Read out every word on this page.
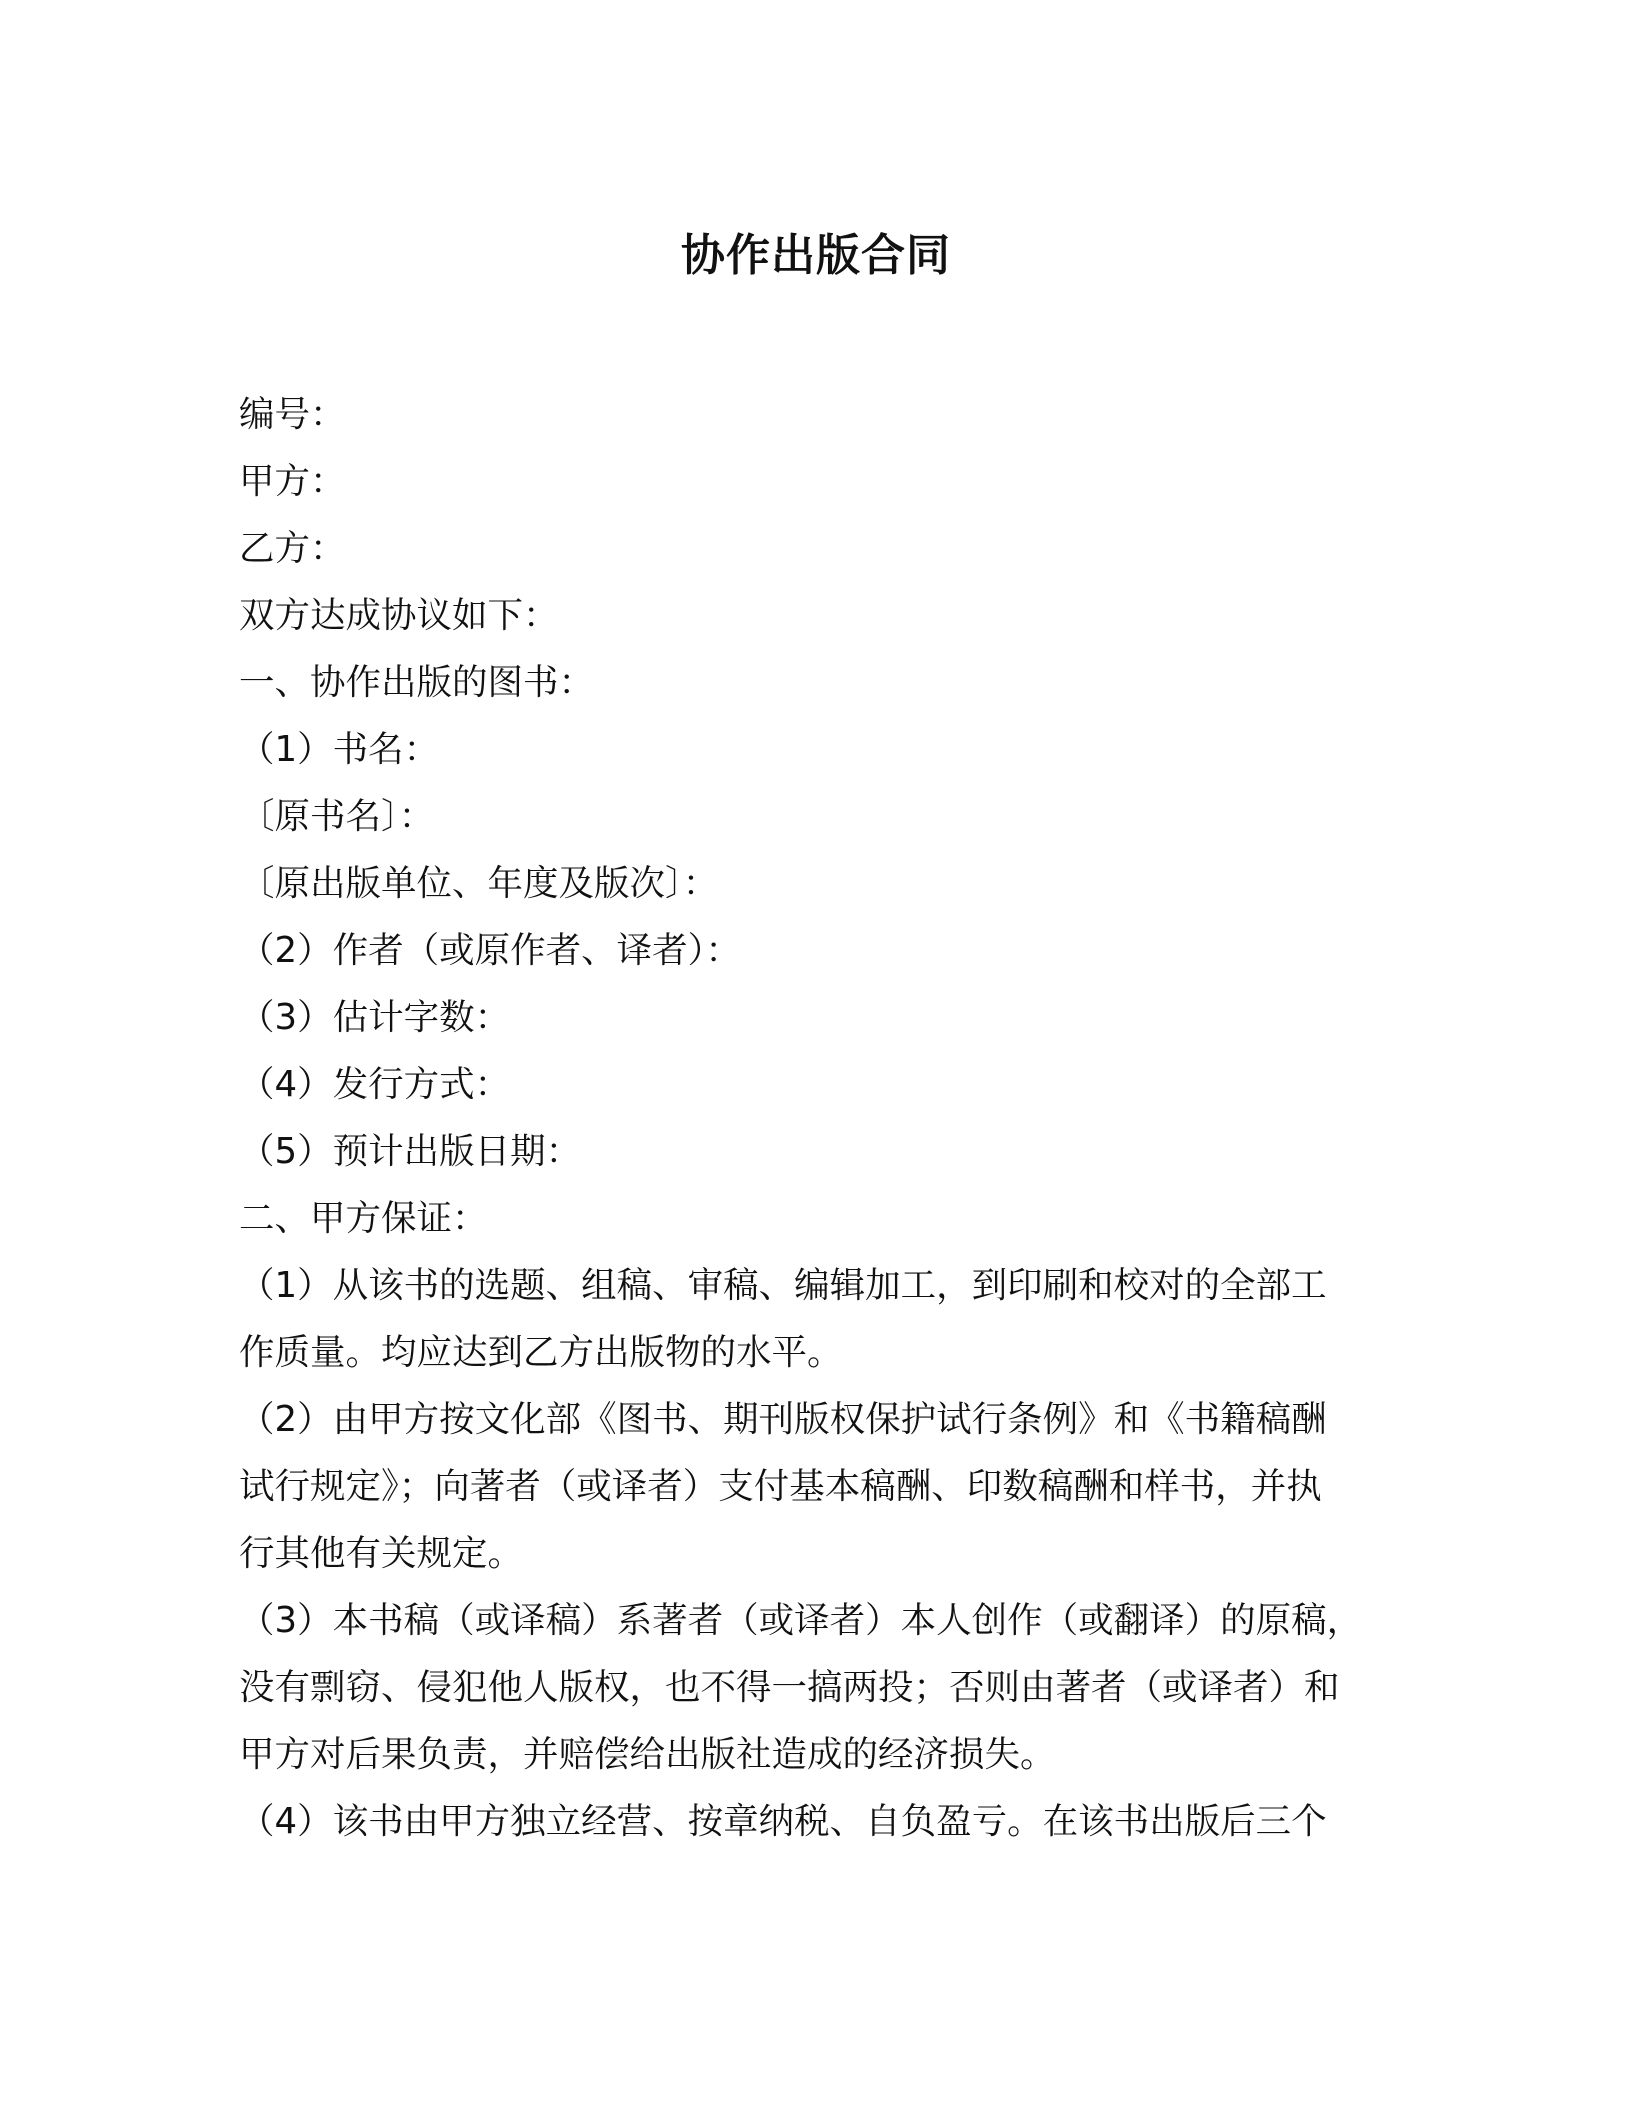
协作出版合同
编号：
甲方：
乙方：
双方达成协议如下：
一、协作出版的图书：
（1）书名：
〔原书名〕：
〔原出版单位、年度及版次〕：
（2）作者（或原作者、译者）：
（3）估计字数：
（4）发行方式：
（5）预计出版日期：
二、甲方保证：
（1）从该书的选题、组稿、审稿、编辑加工，到印刷和校对的全部工
作质量。均应达到乙方出版物的水平。
（2）由甲方按文化部《图书、期刊版权保护试行条例》和《书籍稿酬
试行规定》；向著者（或译者）支付基本稿酬、印数稿酬和样书，并执
行其他有关规定。
（3）本书稿（或译稿）系著者（或译者）本人创作（或翻译）的原稿，
没有剽窃、侵犯他人版权，也不得一搞两投；否则由著者（或译者）和
甲方对后果负责，并赔偿给出版社造成的经济损失。
（4）该书由甲方独立经营、按章纳税、自负盈亏。在该书出版后三个
